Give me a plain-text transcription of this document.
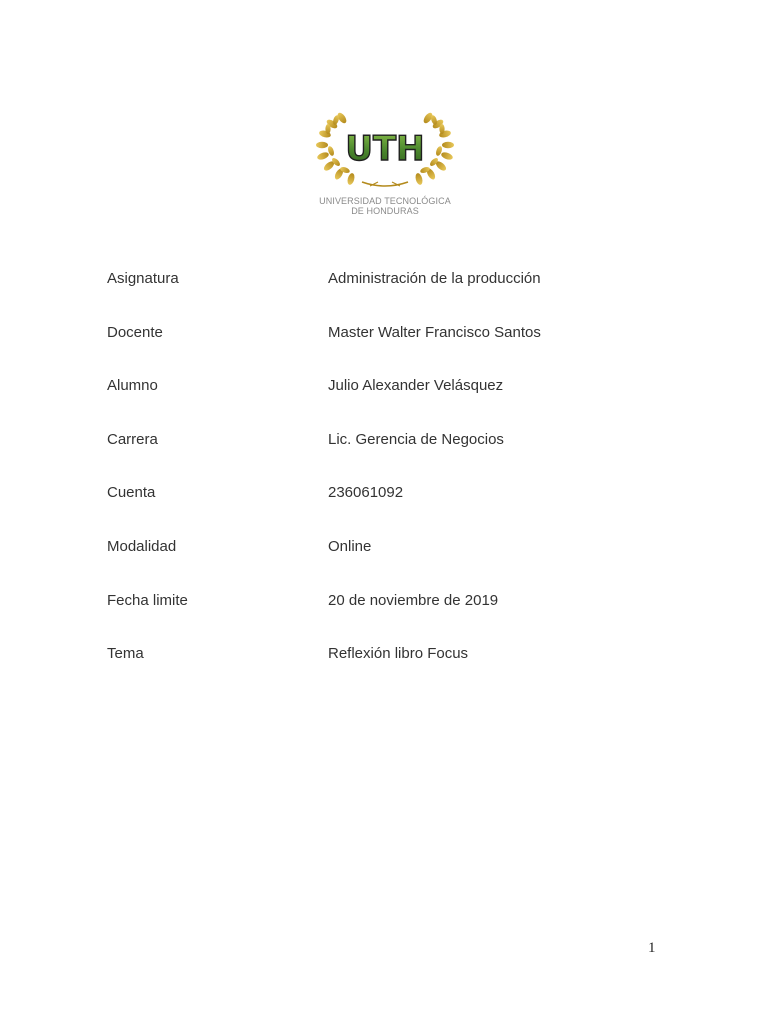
UTH
UNIVERSIDAD TECNOLÓGICA
DE HONDURAS
Asignatura	Administración de la producción
Docente	Master Walter Francisco Santos
Alumno	Julio Alexander Velásquez
Carrera	Lic. Gerencia de Negocios
Cuenta	236061092
Modalidad	Online
Fecha limite	20 de noviembre de 2019
Tema	Reflexión libro Focus
1
